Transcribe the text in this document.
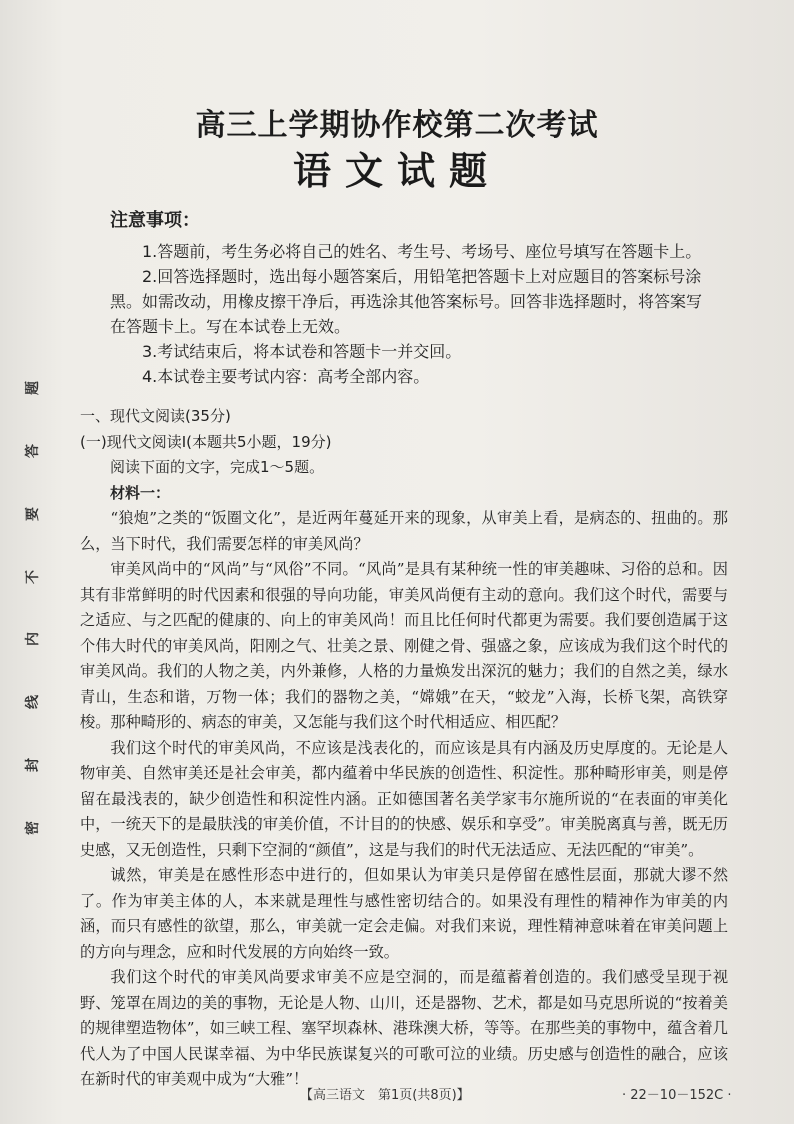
题
答
要
不
内
线
封
密
高三上学期协作校第二次考试
语文试题
注意事项：

1.答题前，考生务必将自己的姓名、考生号、考场号、座位号填写在答题卡上。

2.回答选择题时，选出每小题答案后，用铅笔把答题卡上对应题目的答案标号涂黑。如需改动，用橡皮擦干净后，再选涂其他答案标号。回答非选择题时，将答案写在答题卡上。写在本试卷上无效。

3.考试结束后，将本试卷和答题卡一并交回。

4.本试卷主要考试内容：高考全部内容。

一、现代文阅读(35分)

(一)现代文阅读Ⅰ(本题共5小题，19分)

阅读下面的文字，完成1～5题。

材料一：

“狼炮”之类的“饭圈文化”，是近两年蔓延开来的现象，从审美上看，是病态的、扭曲的。那么，当下时代，我们需要怎样的审美风尚？

审美风尚中的“风尚”与“风俗”不同。“风尚”是具有某种统一性的审美趣味、习俗的总和。因其有非常鲜明的时代因素和很强的导向功能，审美风尚便有主动的意向。我们这个时代，需要与之适应、与之匹配的健康的、向上的审美风尚！而且比任何时代都更为需要。我们要创造属于这个伟大时代的审美风尚，阳刚之气、壮美之景、刚健之骨、强盛之象，应该成为我们这个时代的审美风尚。我们的人物之美，内外兼修，人格的力量焕发出深沉的魅力；我们的自然之美，绿水青山，生态和谐，万物一体；我们的器物之美，“嫦娥”在天，“蛟龙”入海，长桥飞架，高铁穿梭。那种畸形的、病态的审美，又怎能与我们这个时代相适应、相匹配？

我们这个时代的审美风尚，不应该是浅表化的，而应该是具有内涵及历史厚度的。无论是人物审美、自然审美还是社会审美，都内蕴着中华民族的创造性、积淀性。那种畸形审美，则是停留在最浅表的，缺少创造性和积淀性内涵。正如德国著名美学家韦尔施所说的“在表面的审美化中，一统天下的是最肤浅的审美价值，不计目的的快感、娱乐和享受”。审美脱离真与善，既无历史感，又无创造性，只剩下空洞的“颜值”，这是与我们的时代无法适应、无法匹配的“审美”。

诚然，审美是在感性形态中进行的，但如果认为审美只是停留在感性层面，那就大谬不然了。作为审美主体的人，本来就是理性与感性密切结合的。如果没有理性的精神作为审美的内涵，而只有感性的欲望，那么，审美就一定会走偏。对我们来说，理性精神意味着在审美问题上的方向与理念，应和时代发展的方向始终一致。

我们这个时代的审美风尚要求审美不应是空洞的，而是蕴蓄着创造的。我们感受呈现于视野、笼罩在周边的美的事物，无论是人物、山川，还是器物、艺术，都是如马克思所说的“按着美的规律塑造物体”，如三峡工程、塞罕坝森林、港珠澳大桥，等等。在那些美的事物中，蕴含着几代人为了中国人民谋幸福、为中华民族谋复兴的可歌可泣的业绩。历史感与创造性的融合，应该在新时代的审美观中成为“大雅”！

【高三语文　第1页(共8页)】	· 22－10－152C ·
